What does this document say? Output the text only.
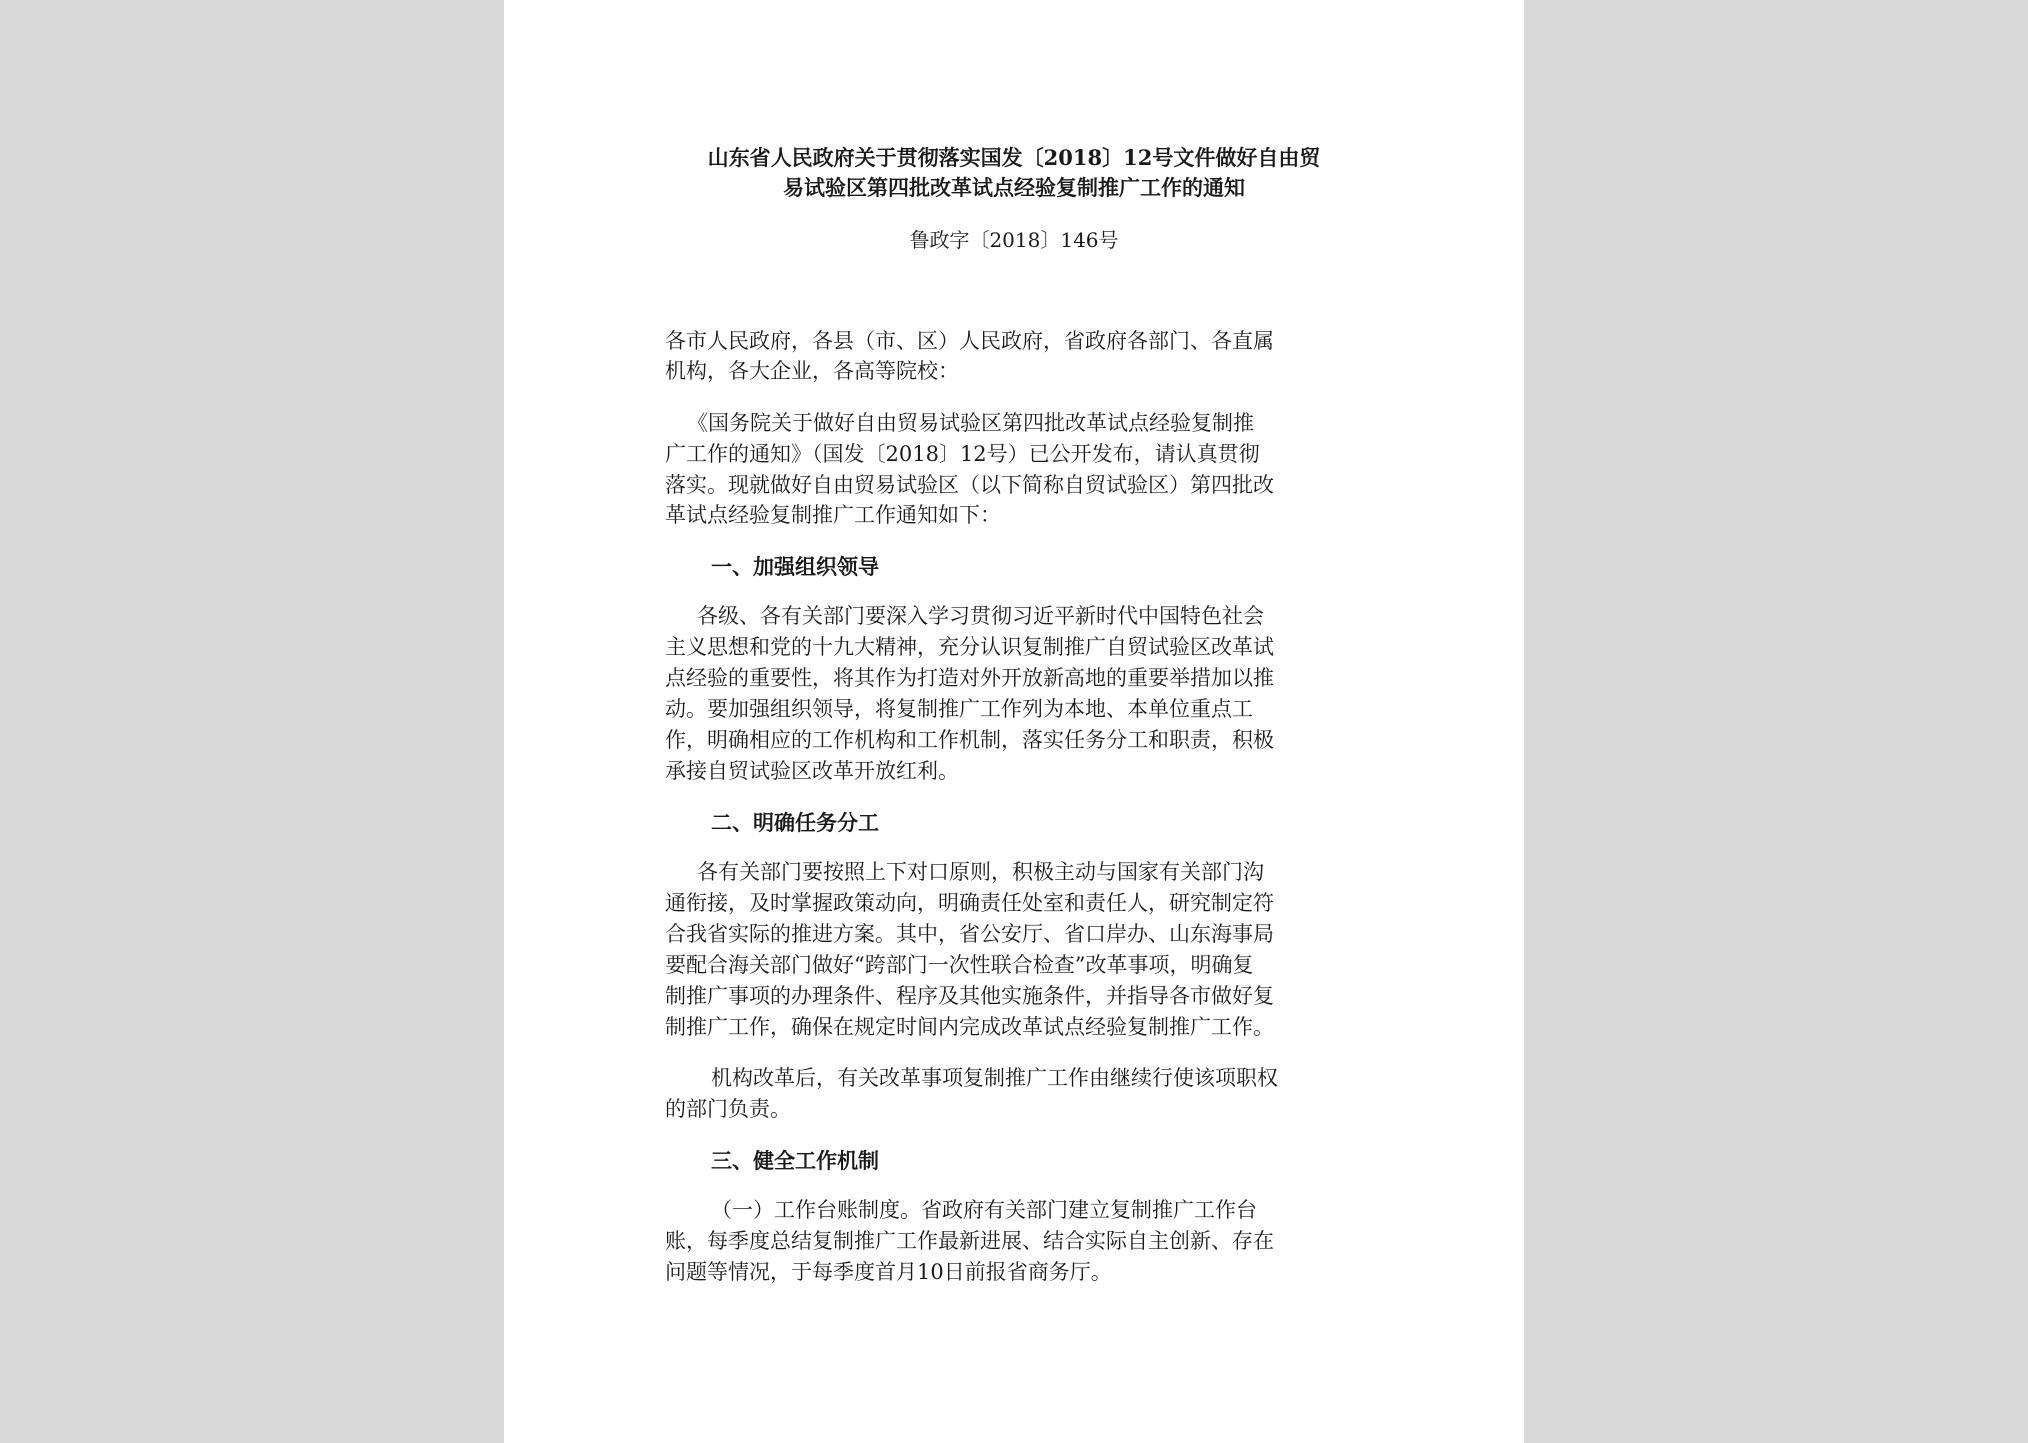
山东省人民政府关于贯彻落实国发〔2018〕12号文件做好自由贸
易试验区第四批改革试点经验复制推广工作的通知
鲁政字〔2018〕146号
各市人民政府，各县（市、区）人民政府，省政府各部门、各直属
机构，各大企业，各高等院校：
《国务院关于做好自由贸易试验区第四批改革试点经验复制推
广工作的通知》（国发〔2018〕12号）已公开发布，请认真贯彻
落实。现就做好自由贸易试验区（以下简称自贸试验区）第四批改
革试点经验复制推广工作通知如下：
一、加强组织领导
各级、各有关部门要深入学习贯彻习近平新时代中国特色社会
主义思想和党的十九大精神，充分认识复制推广自贸试验区改革试
点经验的重要性，将其作为打造对外开放新高地的重要举措加以推
动。要加强组织领导，将复制推广工作列为本地、本单位重点工
作，明确相应的工作机构和工作机制，落实任务分工和职责，积极
承接自贸试验区改革开放红利。
二、明确任务分工
各有关部门要按照上下对口原则，积极主动与国家有关部门沟
通衔接，及时掌握政策动向，明确责任处室和责任人，研究制定符
合我省实际的推进方案。其中，省公安厅、省口岸办、山东海事局
要配合海关部门做好“跨部门一次性联合检查”改革事项，明确复
制推广事项的办理条件、程序及其他实施条件，并指导各市做好复
制推广工作，确保在规定时间内完成改革试点经验复制推广工作。
机构改革后，有关改革事项复制推广工作由继续行使该项职权
的部门负责。
三、健全工作机制
（一）工作台账制度。省政府有关部门建立复制推广工作台
账，每季度总结复制推广工作最新进展、结合实际自主创新、存在
问题等情况，于每季度首月10日前报省商务厅。
